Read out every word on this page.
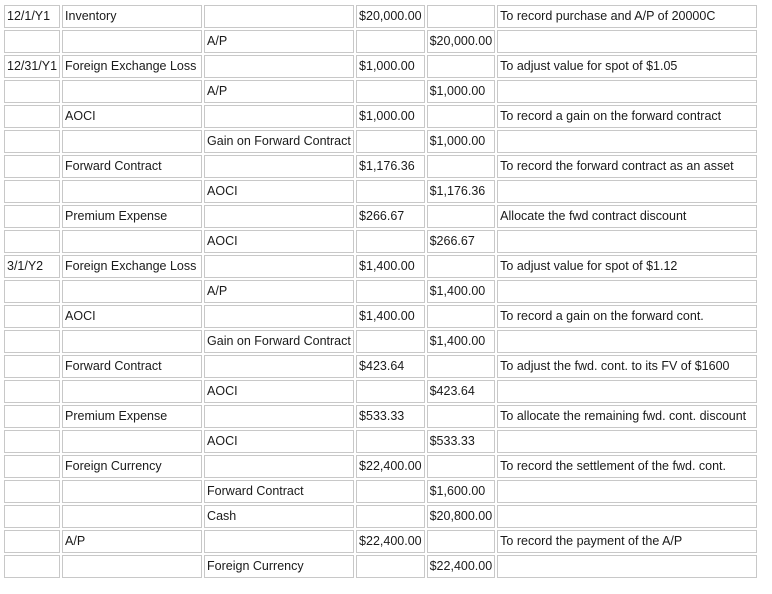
12/1/Y1	Inventory		$20,000.00		To record purchase and A/P of 20000C
		A/P		$20,000.00	
12/31/Y1	Foreign Exchange Loss		$1,000.00		To adjust value for spot of $1.05
		A/P		$1,000.00	
	AOCI		$1,000.00		To record a gain on the forward contract
		Gain on Forward Contract		$1,000.00	
	Forward Contract		$1,176.36		To record the forward contract as an asset
		AOCI		$1,176.36	
	Premium Expense		$266.67		Allocate the fwd contract discount
		AOCI		$266.67	
3/1/Y2	Foreign Exchange Loss		$1,400.00		To adjust value for spot of $1.12
		A/P		$1,400.00	
	AOCI		$1,400.00		To record a gain on the forward cont.
		Gain on Forward Contract		$1,400.00	
	Forward Contract		$423.64		To adjust the fwd. cont. to its FV of $1600
		AOCI		$423.64	
	Premium Expense		$533.33		To allocate the remaining fwd. cont. discount
		AOCI		$533.33	
	Foreign Currency		$22,400.00		To record the settlement of the fwd. cont.
		Forward Contract		$1,600.00	
		Cash		$20,800.00	
	A/P		$22,400.00		To record the payment of the A/P
		Foreign Currency		$22,400.00	
